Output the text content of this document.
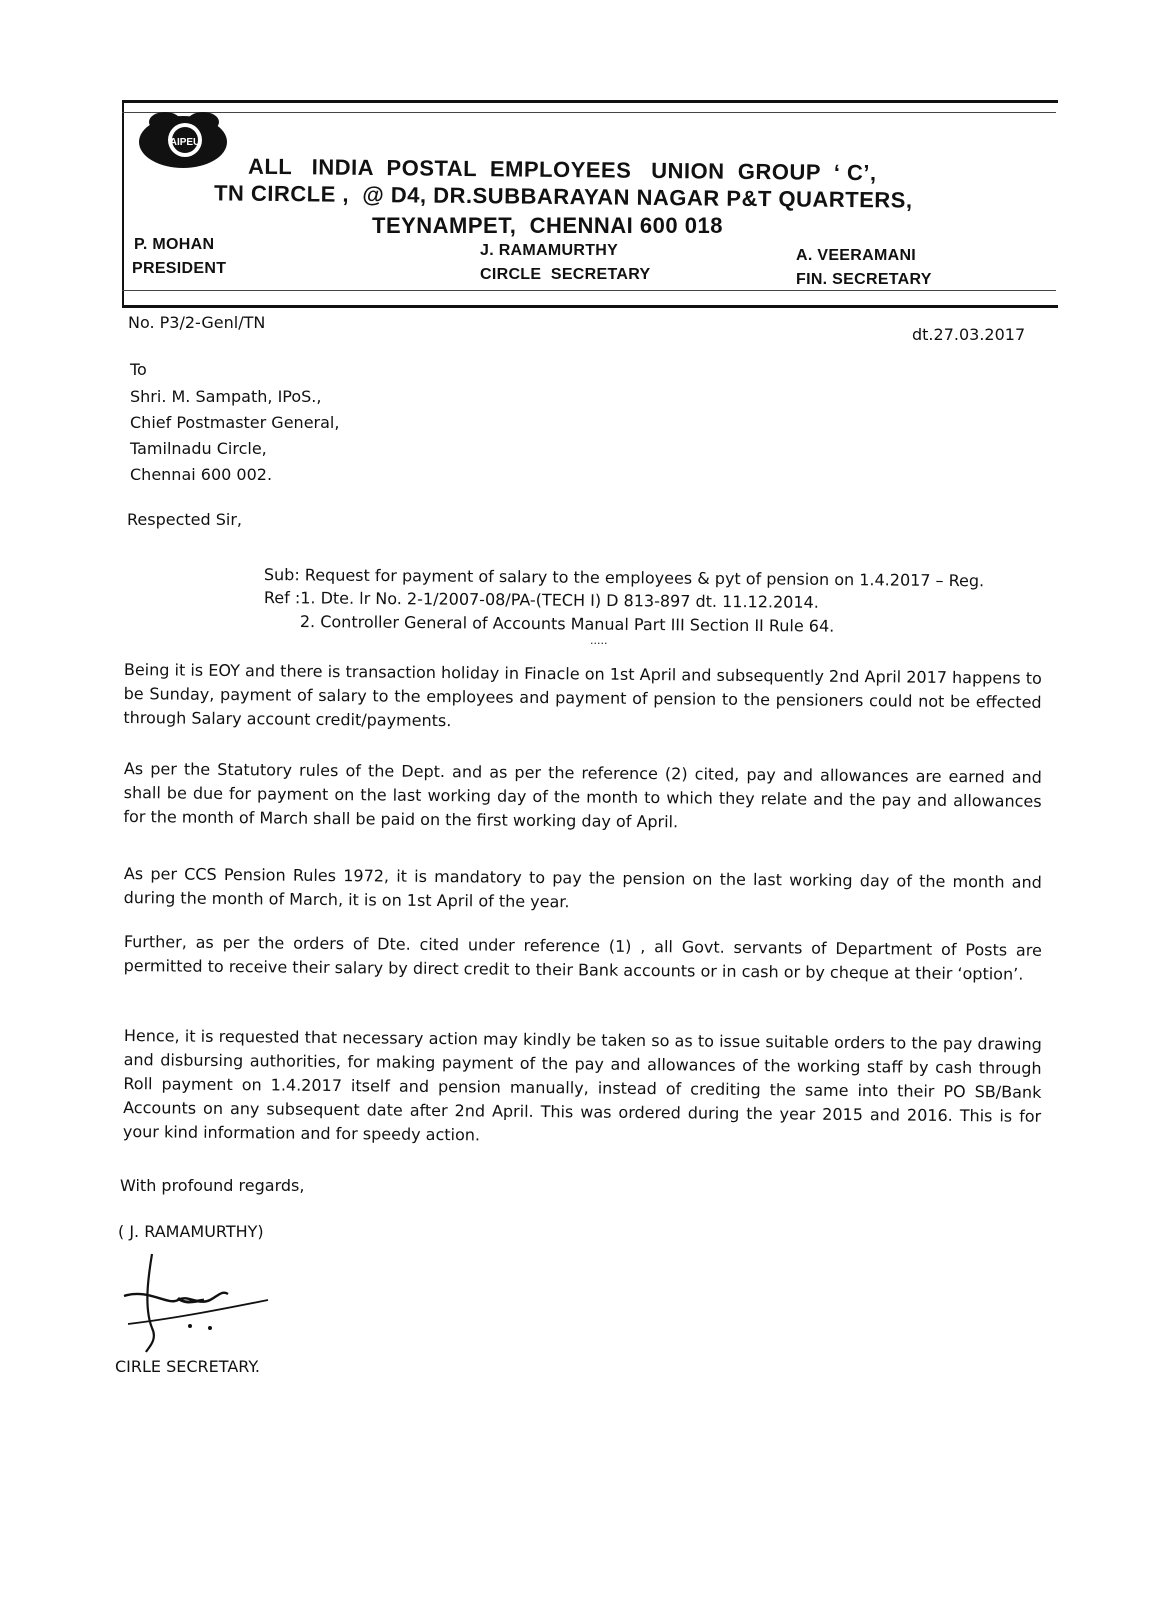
AIPEU
ALL   INDIA  POSTAL  EMPLOYEES   UNION  GROUP  ‘ C’,
TN CIRCLE ,  @ D4, DR.SUBBARAYAN NAGAR P&T QUARTERS,
TEYNAMPET,  CHENNAI 600 018
P. MOHAN
PRESIDENT
J. RAMAMURTHY
CIRCLE  SECRETARY
A. VEERAMANI
FIN. SECRETARY
No. P3/2-Genl/TN
dt.27.03.2017
To
Shri. M. Sampath, IPoS.,
Chief Postmaster General,
Tamilnadu Circle,
Chennai 600 002.
Respected Sir,
Sub: Request for payment of salary to the employees & pyt of pension on 1.4.2017 – Reg.
Ref :1. Dte. lr No. 2-1/2007-08/PA-(TECH I) D 813-897 dt. 11.12.2014.
2. Controller General of Accounts Manual Part III Section II Rule 64.
.....
Being it is EOY and there is transaction holiday in Finacle on 1st April and subsequently 2nd April 2017 happens to be Sunday, payment of salary to the employees and payment of pension to the pensioners could not be effected through Salary account credit/payments.
As per the Statutory rules of the Dept. and as per the reference (2) cited, pay and allowances are earned and shall be due for payment on the last working day of the month to which they relate and the pay and allowances for the month of March shall be paid on the first working day of April.
As per CCS Pension Rules 1972, it is mandatory to pay the pension on the last working day of the month and during the month of March, it is on 1st April of the year.
Further, as per the orders of Dte. cited under reference (1) , all Govt. servants of Department of Posts are permitted to receive their salary by direct credit to their Bank accounts or in cash or by cheque at their ‘option’.
Hence, it is requested that necessary action may kindly be taken so as to issue suitable orders to the pay drawing and disbursing authorities, for making payment of the pay and allowances of the working staff by cash through Roll payment on 1.4.2017 itself and pension manually, instead of crediting the same into their PO SB/Bank Accounts on any subsequent date after 2nd April. This was ordered during the year 2015 and 2016. This is for your kind information and for speedy action.
With profound regards,
( J. RAMAMURTHY)
CIRLE SECRETARY.
